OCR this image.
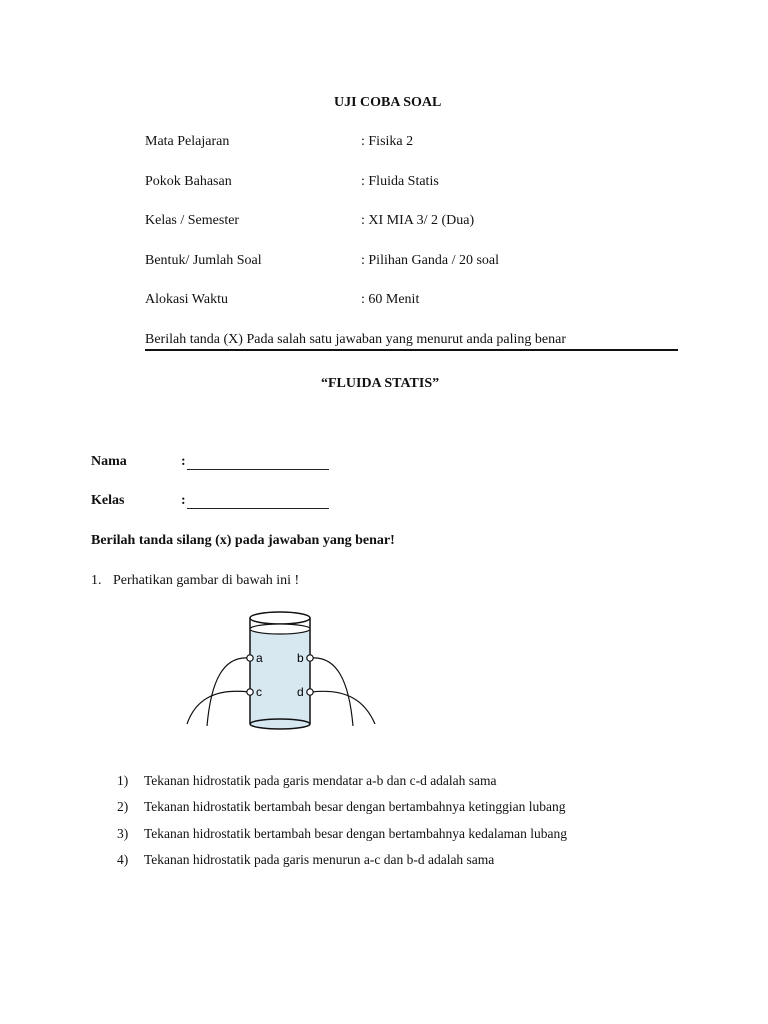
UJI COBA SOAL
Mata Pelajaran	: Fisika 2
Pokok Bahasan	: Fluida Statis
Kelas / Semester	: XI MIA 3/ 2 (Dua)
Bentuk/ Jumlah Soal	: Pilihan Ganda / 20 soal
Alokasi Waktu	: 60 Menit
Berilah tanda (X) Pada salah satu jawaban yang menurut anda paling benar
“FLUIDA STATIS”
Nama	:
Kelas	:
Berilah tanda silang (x) pada jawaban yang benar!
1. Perhatikan gambar di bawah ini !
a	b
c	d
1) Tekanan hidrostatik pada garis mendatar a-b dan c-d adalah sama
2) Tekanan hidrostatik bertambah besar dengan bertambahnya ketinggian lubang
3) Tekanan hidrostatik bertambah besar dengan bertambahnya kedalaman lubang
4) Tekanan hidrostatik pada garis menurun a-c dan b-d adalah sama
